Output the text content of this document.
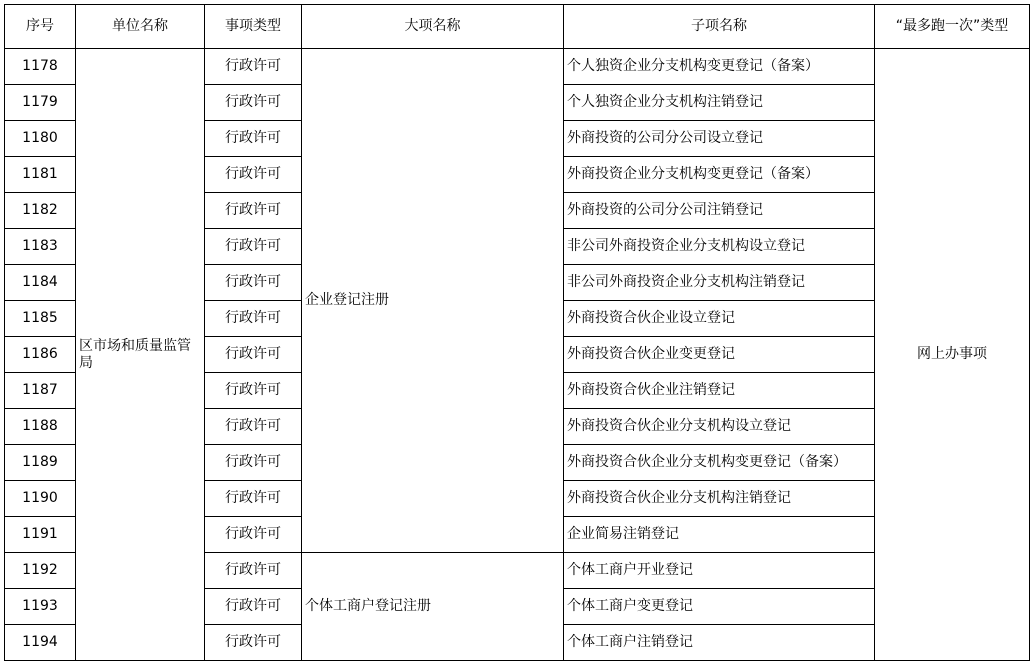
序号	单位名称	事项类型	大项名称	子项名称	“最多跑一次”类型
1178	区市场和质量监管局	行政许可	企业登记注册	个人独资企业分支机构变更登记（备案）	网上办事项
1179		行政许可		个人独资企业分支机构注销登记	
1180		行政许可		外商投资的公司分公司设立登记	
1181		行政许可		外商投资企业分支机构变更登记（备案）	
1182		行政许可		外商投资的公司分公司注销登记	
1183		行政许可		非公司外商投资企业分支机构设立登记	
1184		行政许可		非公司外商投资企业分支机构注销登记	
1185		行政许可		外商投资合伙企业设立登记	
1186		行政许可		外商投资合伙企业变更登记	
1187		行政许可		外商投资合伙企业注销登记	
1188		行政许可		外商投资合伙企业分支机构设立登记	
1189		行政许可		外商投资合伙企业分支机构变更登记（备案）	
1190		行政许可		外商投资合伙企业分支机构注销登记	
1191		行政许可		企业简易注销登记	
1192		行政许可	个体工商户登记注册	个体工商户开业登记	
1193		行政许可		个体工商户变更登记	
1194		行政许可		个体工商户注销登记	
